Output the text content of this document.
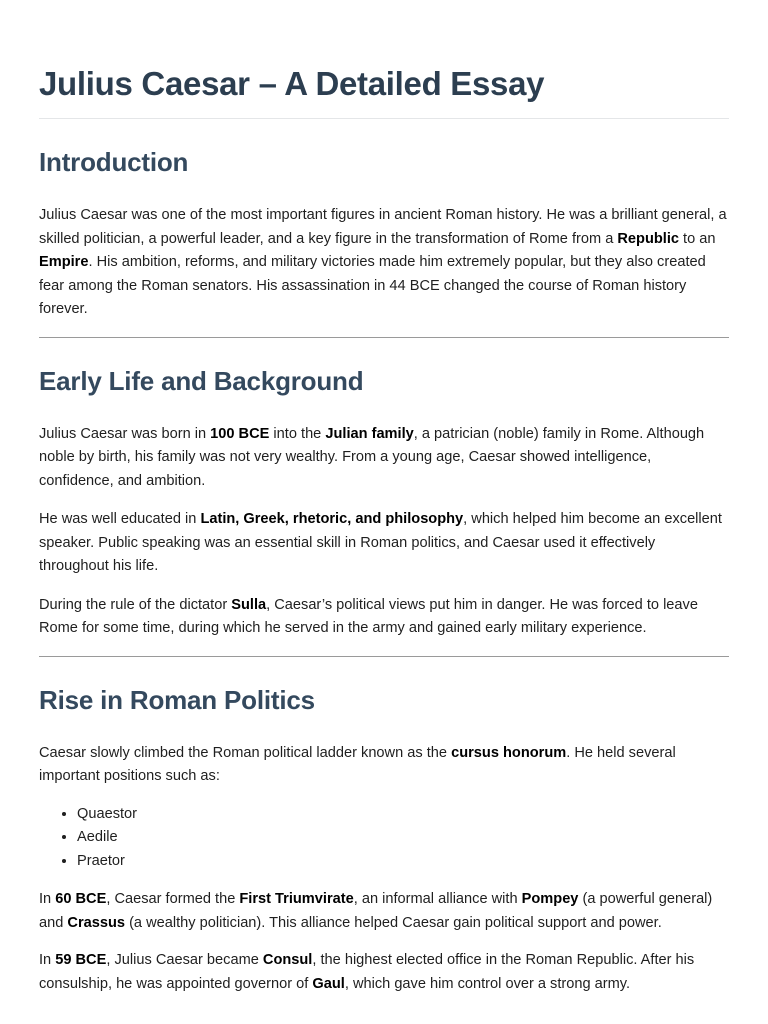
Julius Caesar – A Detailed Essay
Introduction

Julius Caesar was one of the most important figures in ancient Roman history. He was a brilliant general, a skilled politician, a powerful leader, and a key figure in the transformation of Rome from a Republic to an Empire. His ambition, reforms, and military victories made him extremely popular, but they also created fear among the Roman senators. His assassination in 44 BCE changed the course of Roman history forever.

Early Life and Background

Julius Caesar was born in 100 BCE into the Julian family, a patrician (noble) family in Rome. Although noble by birth, his family was not very wealthy. From a young age, Caesar showed intelligence, confidence, and ambition.

He was well educated in Latin, Greek, rhetoric, and philosophy, which helped him become an excellent speaker. Public speaking was an essential skill in Roman politics, and Caesar used it effectively throughout his life.

During the rule of the dictator Sulla, Caesar’s political views put him in danger. He was forced to leave Rome for some time, during which he served in the army and gained early military experience.

Rise in Roman Politics

Caesar slowly climbed the Roman political ladder known as the cursus honorum. He held several important positions such as:

• Quaestor
• Aedile
• Praetor

In 60 BCE, Caesar formed the First Triumvirate, an informal alliance with Pompey (a powerful general) and Crassus (a wealthy politician). This alliance helped Caesar gain political support and power.

In 59 BCE, Julius Caesar became Consul, the highest elected office in the Roman Republic. After his consulship, he was appointed governor of Gaul, which gave him control over a strong army.
